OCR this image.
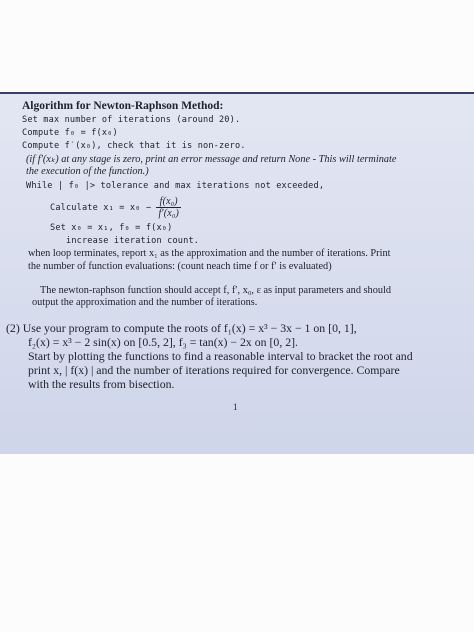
Algorithm for Newton-Raphson Method:
Set max number of iterations (around 20).
Compute f₀ = f(x₀)
Compute f′(x₀), check that it is non-zero.
(if f′(xₖ) at any stage is zero, print an error message and return None - This will terminate
the execution of the function.)
While | f₀ |> tolerance and max iterations not exceeded,
Calculate $x_1 = x_0 - \frac{\text{f(x₀)}}{\text{f′(x₀)}}$
Set x₀ = x₁, f₀ = f(x₀)
increase iteration count.
when loop terminates, report x₁ as the approximation and the number of iterations. Print
the number of function evaluations: (count neach time f or f′ is evaluated)
The newton-raphson function should accept f, f′, x₀, ε as input parameters and should
output the approximation and the number of iterations.
(2) Use your program to compute the roots of f₁(x) = x³ − 3x − 1 on [0, 1],
f₂(x) = x³ − 2 sin(x) on [0.5, 2], f₃ = tan(x) − 2x on [0, 2].
Start by plotting the functions to find a reasonable interval to bracket the root and
print x, | f(x) | and the number of iterations required for convergence. Compare
with the results from bisection.
1
